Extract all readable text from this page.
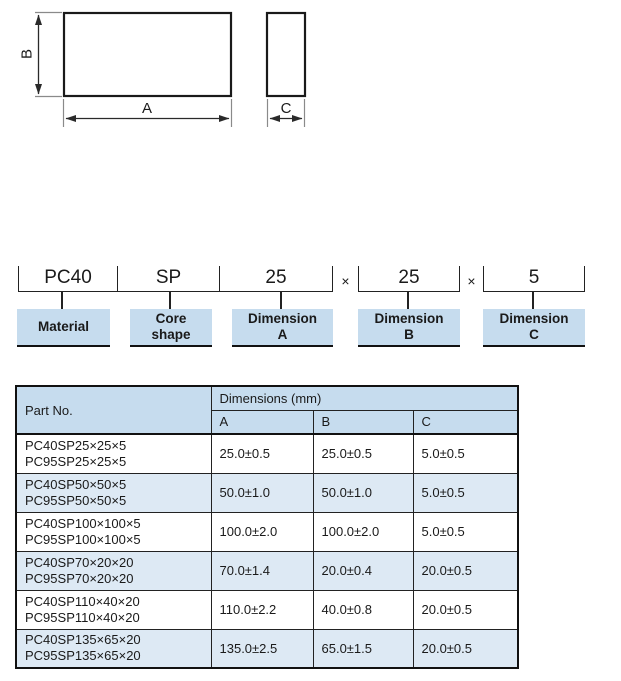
B
A	C
PC40	SP	25	×	25	×	5
Material
Core shape
Dimension A
Dimension B
Dimension C
Part No.	Dimensions (mm)		
	A	B	C

PC40SP25×25×5
PC95SP25×25×5	25.0±0.5	25.0±0.5	5.0±0.5

PC40SP50×50×5
PC95SP50×50×5	50.0±1.0	50.0±1.0	5.0±0.5

PC40SP100×100×5
PC95SP100×100×5	100.0±2.0	100.0±2.0	5.0±0.5

PC40SP70×20×20
PC95SP70×20×20	70.0±1.4	20.0±0.4	20.0±0.5

PC40SP110×40×20
PC95SP110×40×20	110.0±2.2	40.0±0.8	20.0±0.5

PC40SP135×65×20
PC95SP135×65×20	135.0±2.5	65.0±1.5	20.0±0.5
